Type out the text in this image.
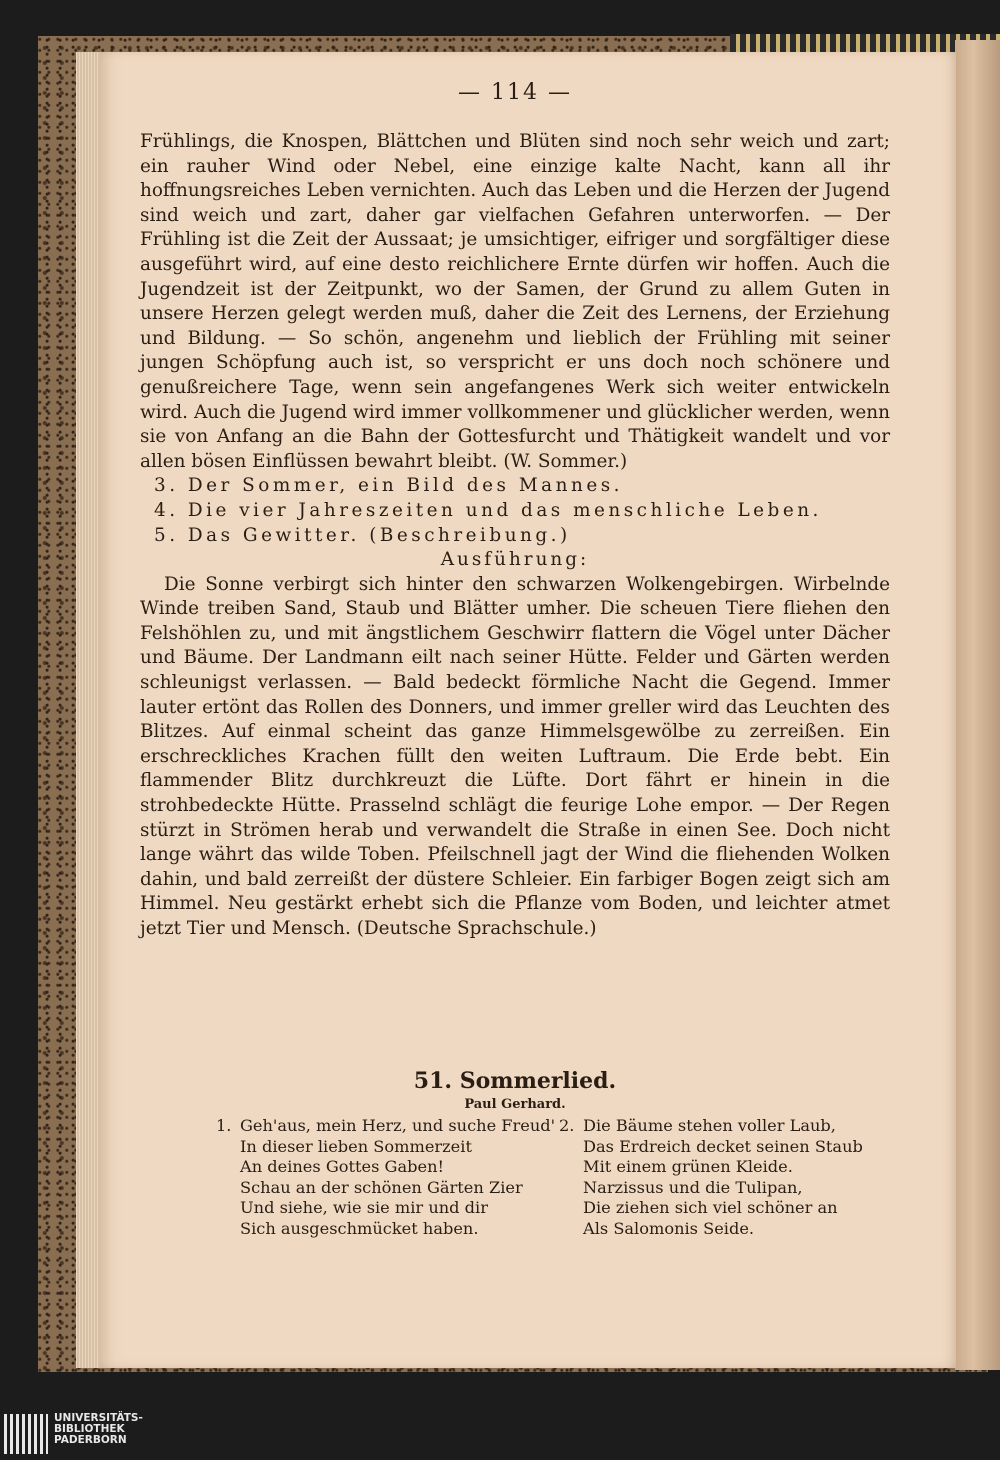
— 114 —

Frühlings, die Knospen, Blättchen und Blüten sind noch sehr weich und zart; ein rauher Wind oder Nebel, eine einzige kalte Nacht, kann all ihr hoffnungsreiches Leben vernichten. Auch das Leben und die Herzen der Jugend sind weich und zart, daher gar vielfachen Gefahren unterworfen. — Der Frühling ist die Zeit der Aussaat; je umsichtiger, eifriger und sorgfältiger diese ausgeführt wird, auf eine desto reichlichere Ernte dürfen wir hoffen. Auch die Jugendzeit ist der Zeitpunkt, wo der Samen, der Grund zu allem Guten in unsere Herzen gelegt werden muß, daher die Zeit des Lernens, der Erziehung und Bildung. — So schön, angenehm und lieblich der Frühling mit seiner jungen Schöpfung auch ist, so verspricht er uns doch noch schönere und genußreichere Tage, wenn sein angefangenes Werk sich weiter entwickeln wird. Auch die Jugend wird immer vollkommener und glücklicher werden, wenn sie von Anfang an die Bahn der Gottesfurcht und Thätigkeit wandelt und vor allen bösen Einflüssen bewahrt bleibt. (W. Sommer.)

3. Der Sommer, ein Bild des Mannes.

4. Die vier Jahreszeiten und das menschliche Leben.

5. Das Gewitter. (Beschreibung.)

Ausführung:

Die Sonne verbirgt sich hinter den schwarzen Wolkengebirgen. Wirbelnde Winde treiben Sand, Staub und Blätter umher. Die scheuen Tiere fliehen den Felshöhlen zu, und mit ängstlichem Geschwirr flattern die Vögel unter Dächer und Bäume. Der Landmann eilt nach seiner Hütte. Felder und Gärten werden schleunigst verlassen. — Bald bedeckt förmliche Nacht die Gegend. Immer lauter ertönt das Rollen des Donners, und immer greller wird das Leuchten des Blitzes. Auf einmal scheint das ganze Himmelsgewölbe zu zerreißen. Ein erschreckliches Krachen füllt den weiten Luftraum. Die Erde bebt. Ein flammender Blitz durchkreuzt die Lüfte. Dort fährt er hinein in die strohbedeckte Hütte. Prasselnd schlägt die feurige Lohe empor. — Der Regen stürzt in Strömen herab und verwandelt die Straße in einen See. Doch nicht lange währt das wilde Toben. Pfeilschnell jagt der Wind die fliehenden Wolken dahin, und bald zerreißt der düstere Schleier. Ein farbiger Bogen zeigt sich am Himmel. Neu gestärkt erhebt sich die Pflanze vom Boden, und leichter atmet jetzt Tier und Mensch. (Deutsche Sprachschule.)

51. Sommerlied.
Paul Gerhard.
1. Geh'aus, mein Herz, und suche Freud'
In dieser lieben Sommerzeit
An deines Gottes Gaben!
Schau an der schönen Gärten Zier
Und siehe, wie sie mir und dir
Sich ausgeschmücket haben.
2. Die Bäume stehen voller Laub,
Das Erdreich decket seinen Staub
Mit einem grünen Kleide.
Narzissus und die Tulipan,
Die ziehen sich viel schöner an
Als Salomonis Seide.
UNIVERSITÄTS-
BIBLIOTHEK
PADERBORN
